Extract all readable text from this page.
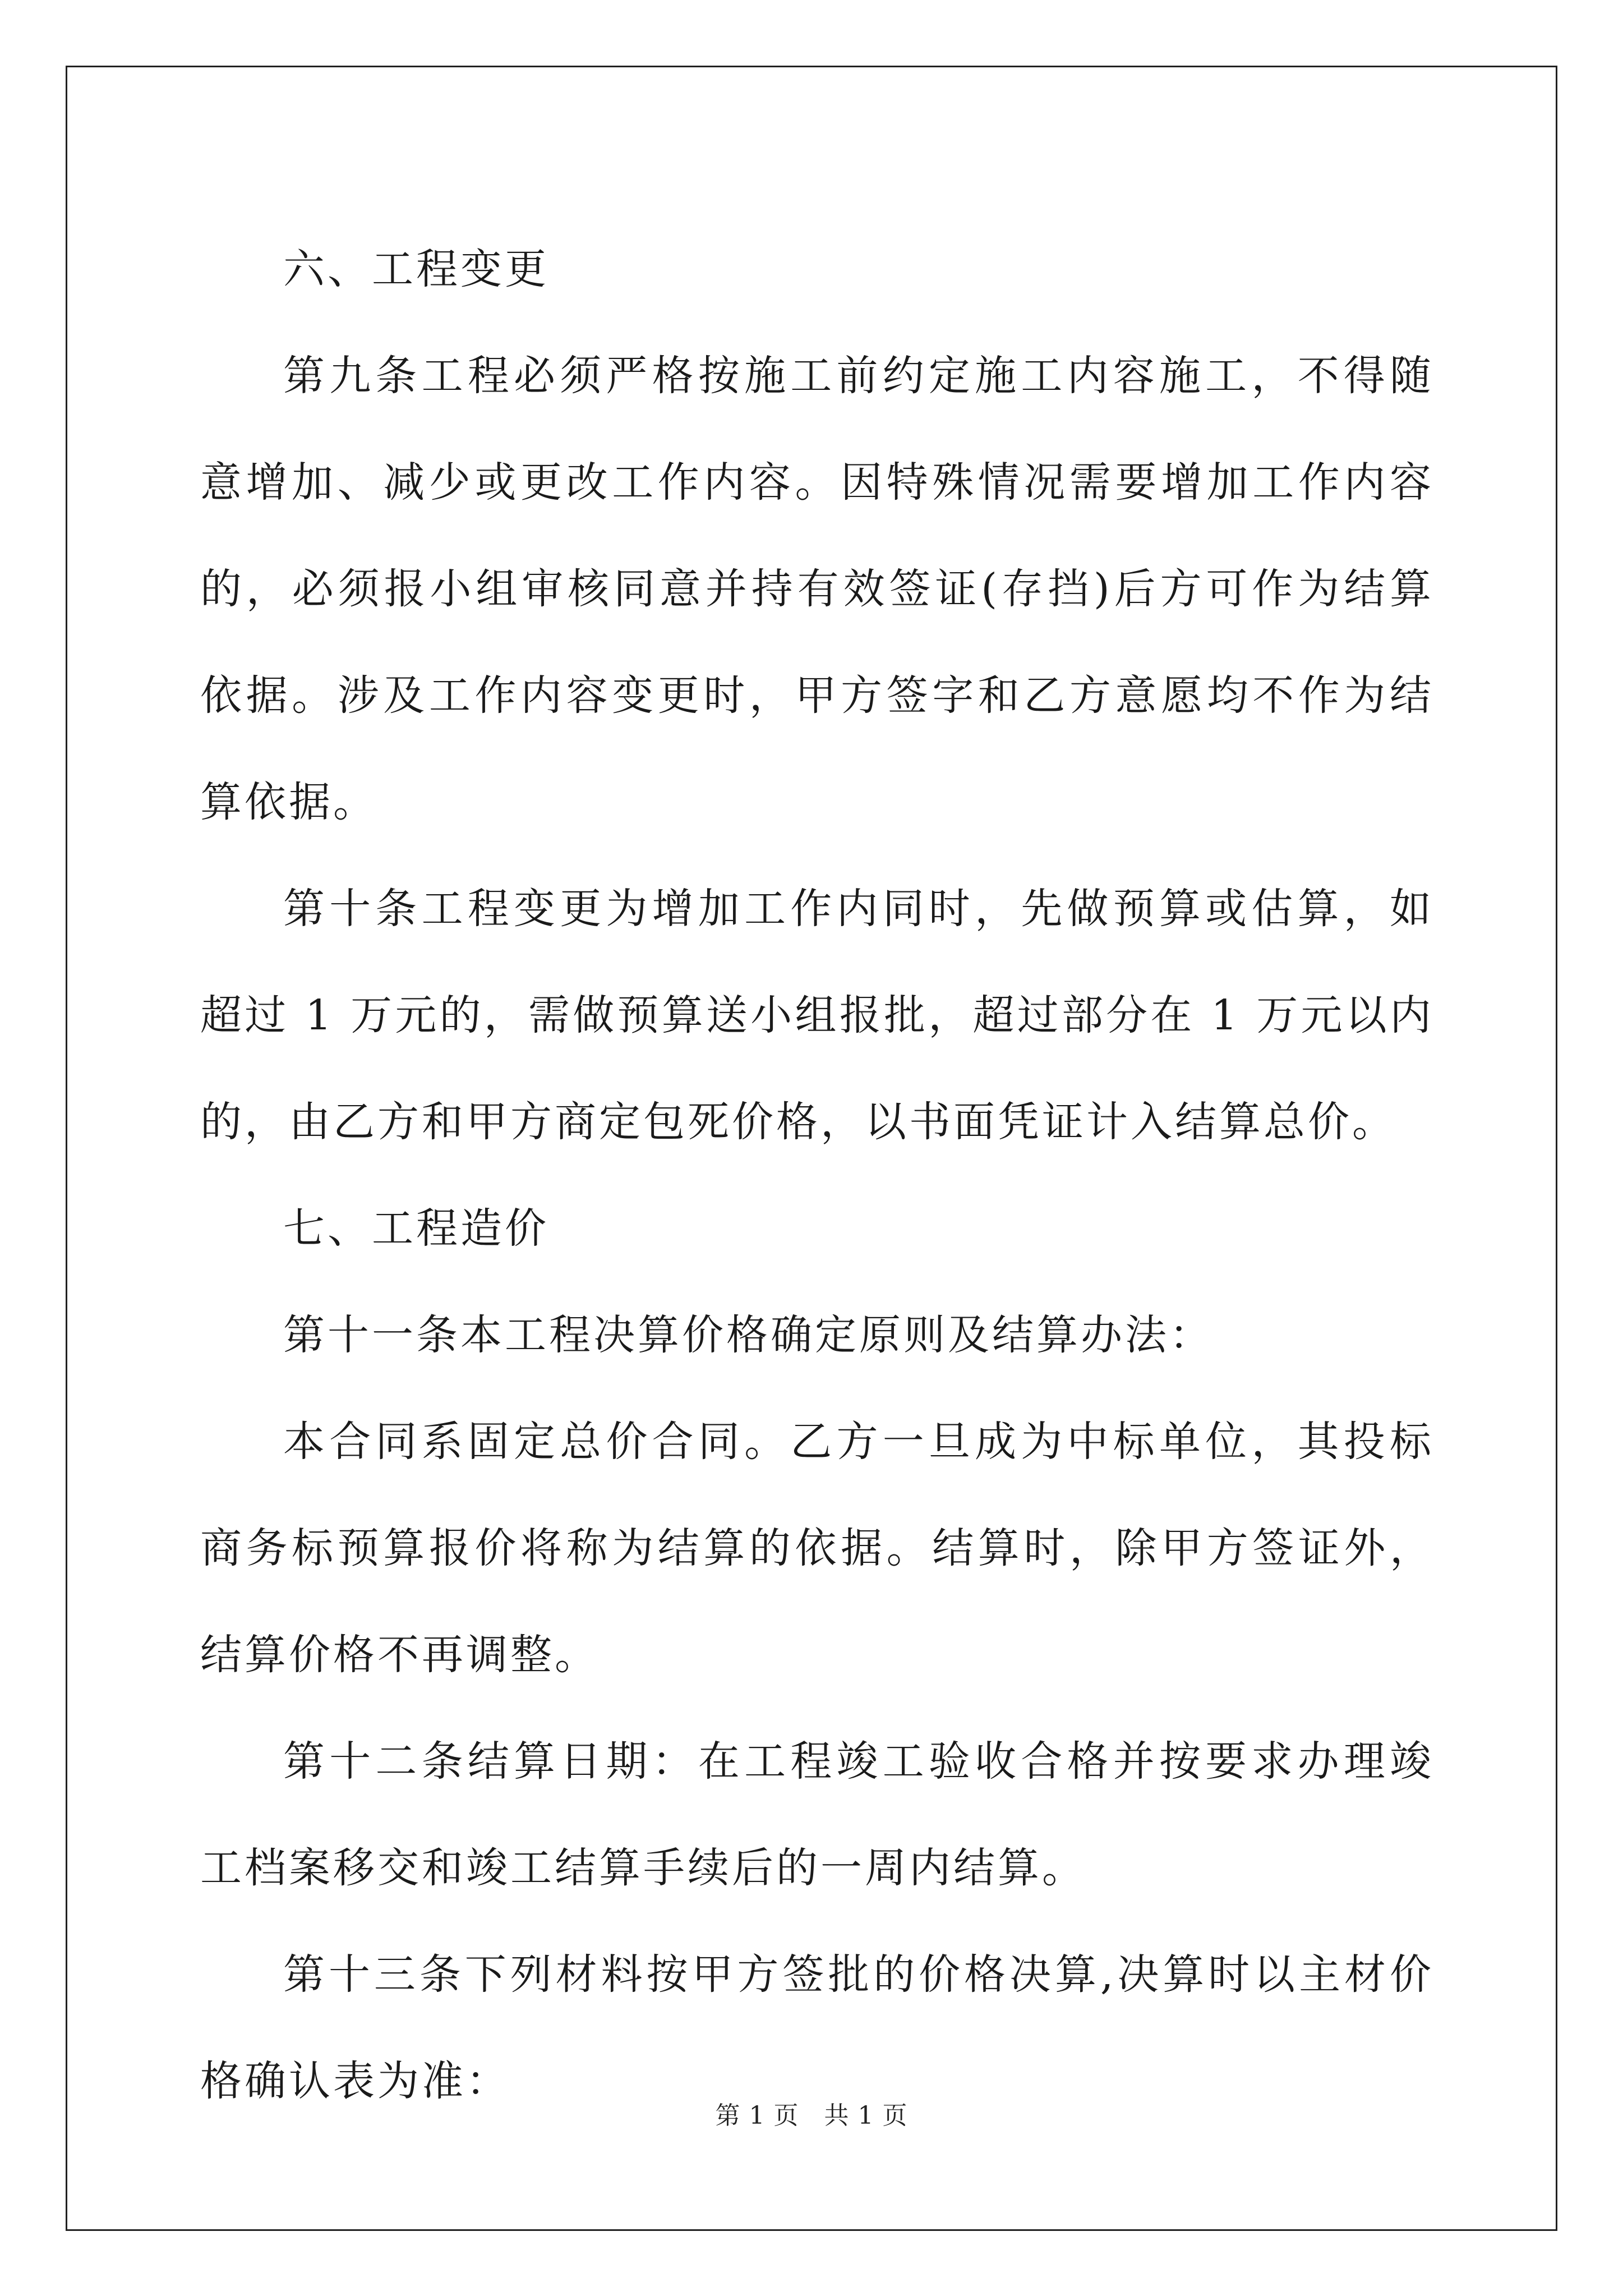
六、工程变更

第九条工程必须严格按施工前约定施工内容施工，不得随意增加、减少或更改工作内容。因特殊情况需要增加工作内容的，必须报小组审核同意并持有效签证(存挡)后方可作为结算依据。涉及工作内容变更时，甲方签字和乙方意愿均不作为结算依据。

第十条工程变更为增加工作内同时，先做预算或估算，如超过 1 万元的，需做预算送小组报批，超过部分在 1 万元以内的，由乙方和甲方商定包死价格，以书面凭证计入结算总价。

七、工程造价

第十一条本工程决算价格确定原则及结算办法：

本合同系固定总价合同。乙方一旦成为中标单位，其投标商务标预算报价将称为结算的依据。结算时，除甲方签证外，结算价格不再调整。

第十二条结算日期：在工程竣工验收合格并按要求办理竣工档案移交和竣工结算手续后的一周内结算。

第十三条下列材料按甲方签批的价格决算,决算时以主材价格确认表为准：

第 1 页　共 1 页
